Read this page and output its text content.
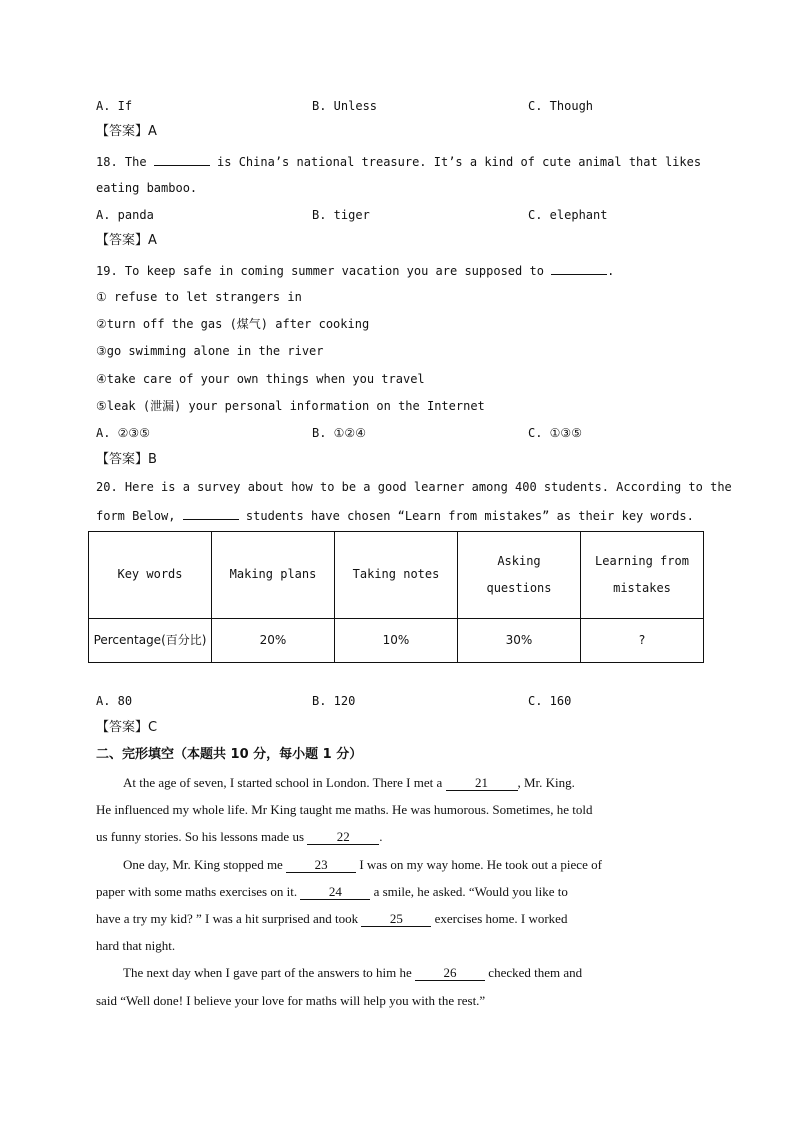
A. If	B. Unless	C. Though
【答案】A
18. The	is China’s national treasure. It’s a kind of cute animal that likes
eating bamboo.
A. panda	B. tiger	C. elephant
【答案】A
19. To keep safe in coming summer vacation you are supposed to	.
① refuse to let strangers in
②turn off the gas (煤气) after cooking
③go swimming alone in the river
④take care of your own things when you travel
⑤leak (泄漏) your personal information on the Internet
A. ②③⑤	B. ①②④	C. ①③⑤
【答案】B
20. Here is a survey about how to be a good learner among 400 students. According to the
form Below,	students have chosen “Learn from mistakes” as their key words.
Key words	Making plans	Taking notes	Asking questions	Learning from mistakes
Percentage(百分比)	20%	10%	30%	?
A. 80	B. 120	C. 160
【答案】C
二、完形填空（本题共 10 分，每小题 1 分）
At the age of seven, I started school in London. There I met a 21 , Mr. King.
He influenced my whole life. Mr King taught me maths. He was humorous. Sometimes, he told
us funny stories. So his lessons made us 22 .
One day, Mr. King stopped me 23 I was on my way home. He took out a piece of
paper with some maths exercises on it. 24 a smile, he asked. “Would you like to
have a try my kid? ” I was a hit surprised and took 25 exercises home. I worked
hard that night.
The next day when I gave part of the answers to him he 26 checked them and
said “Well done! I believe your love for maths will help you with the rest.”
